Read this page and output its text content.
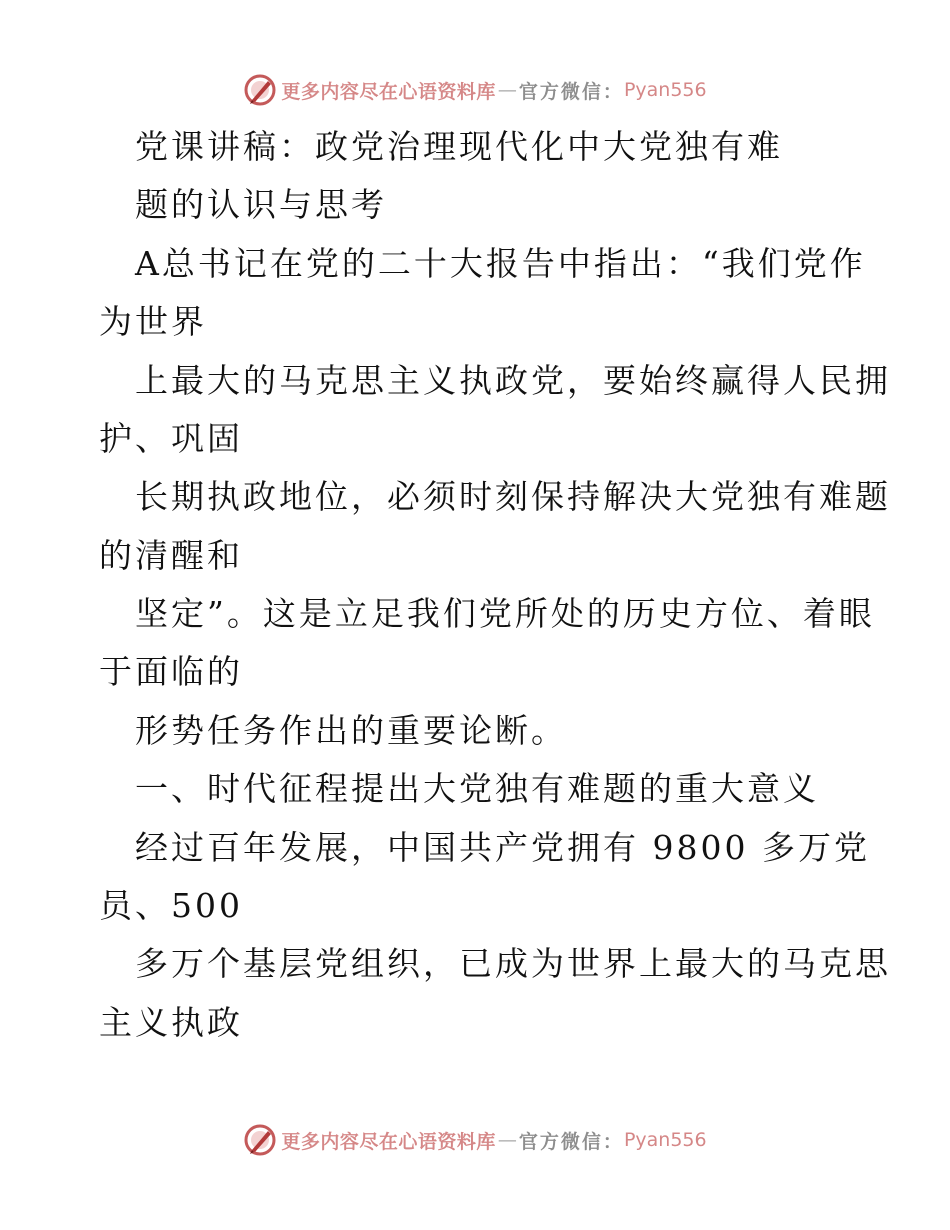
更多内容尽在心语资料库 — 官方微信： Pyan556
党课讲稿：政党治理现代化中大党独有难
题的认识与思考
A总书记在党的二十大报告中指出：“我们党作
为世界
上最大的马克思主义执政党，要始终赢得人民拥
护、巩固
长期执政地位，必须时刻保持解决大党独有难题
的清醒和
坚定”。这是立足我们党所处的历史方位、着眼
于面临的
形势任务作出的重要论断。
一、时代征程提出大党独有难题的重大意义
经过百年发展，中国共产党拥有 9800 多万党
员、500
多万个基层党组织，已成为世界上最大的马克思
主义执政
更多内容尽在心语资料库 — 官方微信： Pyan556
